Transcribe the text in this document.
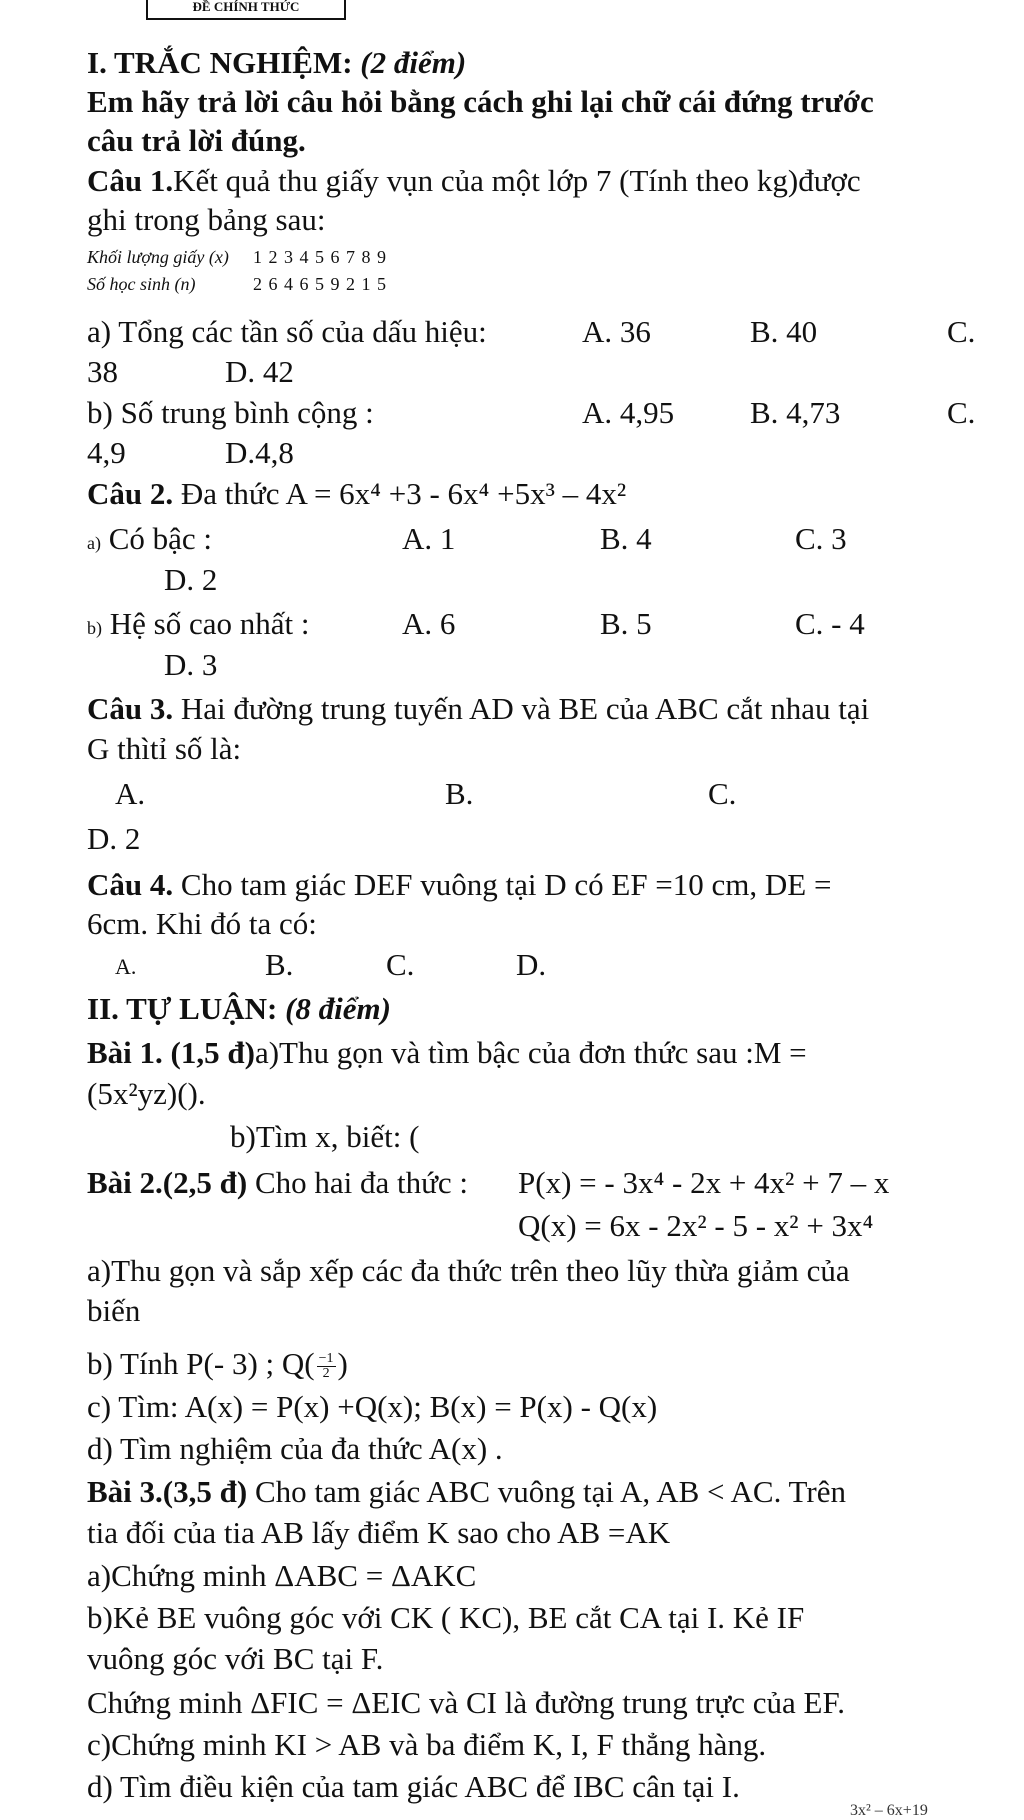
ĐỀ CHÍNH THỨC
I. TRẮC NGHIỆM: (2 điểm)
Em hãy trả lời câu hỏi bằng cách ghi lại chữ cái đứng trước
câu trả lời đúng.
Câu 1.Kết quả thu giấy vụn của một lớp 7 (Tính theo kg)được
ghi trong bảng sau:
Khối lượng giấy (x) 1 2 3 4 5 6 7 8 9
Số học sinh (n)	2 6 4 6 5 9 2 1 5
a) Tổng các tần số của dấu hiệu:	A. 36	B. 40	C.
38	D. 42
b) Số trung bình cộng :	A. 4,95 B. 4,73	C.
4,9	D.4,8
Câu 2. Đa thức A = 6x⁴ +3 - 6x⁴ +5x³ – 4x²
a) Có bậc :	A. 1	B. 4	C. 3
D. 2
b) Hệ số cao nhất :	A. 6	B. 5	C. - 4
D. 3
Câu 3. Hai đường trung tuyến AD và BE của ABC cắt nhau tại
G thìtỉ số là:
A.	B.	C.
D. 2
Câu 4. Cho tam giác DEF vuông tại D có EF =10 cm, DE =
6cm. Khi đó ta có:
A.	B.	C.	D.
II. TỰ LUẬN: (8 điểm)
Bài 1. (1,5 đ)a)Thu gọn và tìm bậc của đơn thức sau :M =
(5x²yz)().
b)Tìm x, biết: (
Bài 2.(2,5 đ) Cho hai đa thức : P(x) = - 3x⁴ - 2x + 4x² + 7 – x
Q(x) = 6x - 2x² - 5 - x² + 3x⁴
a)Thu gọn và sắp xếp các đa thức trên theo lũy thừa giảm của
biến
b) Tính P(- 3) ; $Q( \frac{-1}{2}$ )
c) Tìm: A(x) = P(x) +Q(x); B(x) = P(x) - Q(x)
d) Tìm nghiệm của đa thức A(x) .
Bài 3.(3,5 đ) Cho tam giác ABC vuông tại A, AB < AC. Trên
tia đối của tia AB lấy điểm K sao cho AB =AK
a)Chứng minh ΔABC = ΔAKC
b)Kẻ BE vuông góc với CK ( KC), BE cắt CA tại I. Kẻ IF
vuông góc với BC tại F.
Chứng minh ΔFIC = ΔEIC và CI là đường trung trực của EF.
c)Chứng minh KI > AB và ba điểm K, I, F thẳng hàng.
d) Tìm điều kiện của tam giác ABC để IBC cân tại I.
3x² – 6x+19
